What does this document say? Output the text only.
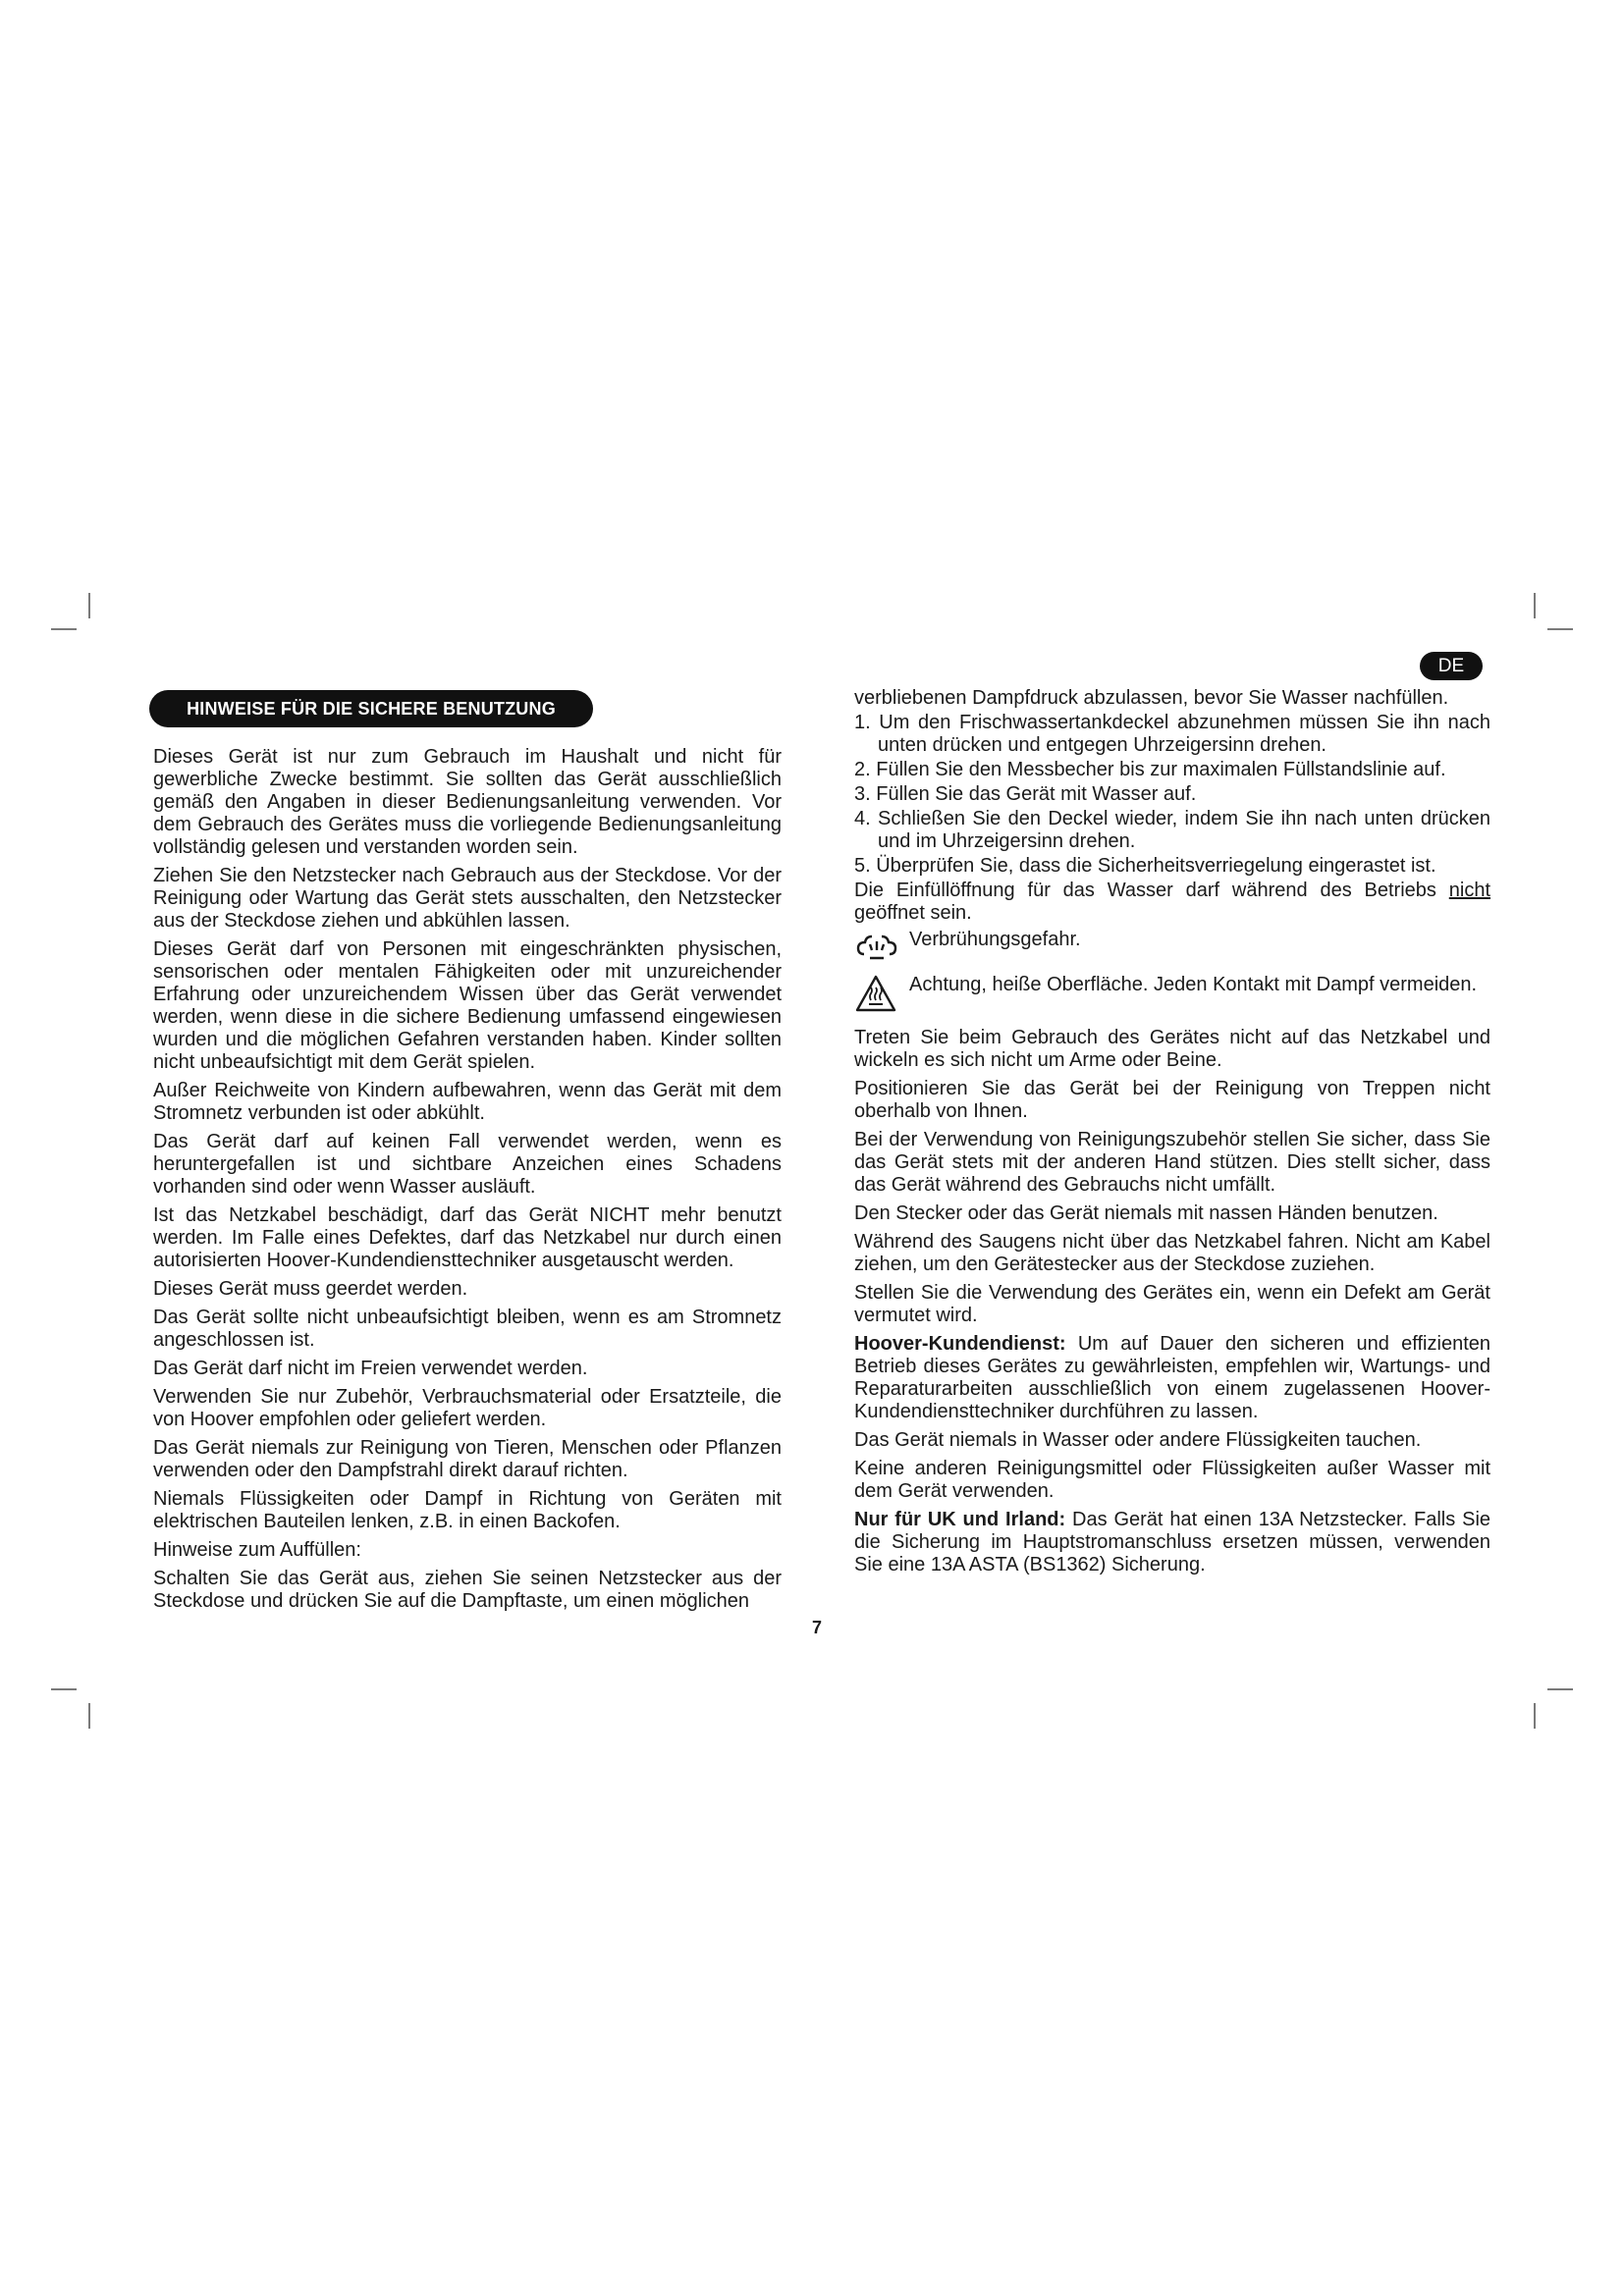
DE
HINWEISE FÜR DIE SICHERE BENUTZUNG

Dieses Gerät ist nur zum Gebrauch im Haushalt und nicht für gewerbliche Zwecke bestimmt. Sie sollten das Gerät ausschließlich gemäß den Angaben in dieser Bedienungsanleitung verwenden. Vor dem Gebrauch des Gerätes muss die vorliegende Bedienungsanleitung vollständig gelesen und verstanden worden sein.

Ziehen Sie den Netzstecker nach Gebrauch aus der Steckdose. Vor der Reinigung oder Wartung das Gerät stets ausschalten, den Netzstecker aus der Steckdose ziehen und abkühlen lassen.

Dieses Gerät darf von Personen mit eingeschränkten physischen, sensorischen oder mentalen Fähigkeiten oder mit unzureichender Erfahrung oder unzureichendem Wissen über das Gerät verwendet werden, wenn diese in die sichere Bedienung umfassend eingewiesen wurden und die möglichen Gefahren verstanden haben. Kinder sollten nicht unbeaufsichtigt mit dem Gerät spielen.

Außer Reichweite von Kindern aufbewahren, wenn das Gerät mit dem Stromnetz verbunden ist oder abkühlt.

Das Gerät darf auf keinen Fall verwendet werden, wenn es heruntergefallen ist und sichtbare Anzeichen eines Schadens vorhanden sind oder wenn Wasser ausläuft.

Ist das Netzkabel beschädigt, darf das Gerät NICHT mehr benutzt werden. Im Falle eines Defektes, darf das Netzkabel nur durch einen autorisierten Hoover-Kundendiensttechniker ausgetauscht werden.

Dieses Gerät muss geerdet werden.

Das Gerät sollte nicht unbeaufsichtigt bleiben, wenn es am Stromnetz angeschlossen ist.

Das Gerät darf nicht im Freien verwendet werden.

Verwenden Sie nur Zubehör, Verbrauchsmaterial oder Ersatzteile, die von Hoover empfohlen oder geliefert werden.

Das Gerät niemals zur Reinigung von Tieren, Menschen oder Pflanzen verwenden oder den Dampfstrahl direkt darauf richten.

Niemals Flüssigkeiten oder Dampf in Richtung von Geräten mit elektrischen Bauteilen lenken, z.B. in einen Backofen.

Hinweise zum Auffüllen:

Schalten Sie das Gerät aus, ziehen Sie seinen Netzstecker aus der Steckdose und drücken Sie auf die Dampftaste, um einen möglichen

verbliebenen Dampfdruck abzulassen, bevor Sie Wasser nachfüllen.

1. Um den Frischwassertankdeckel abzunehmen müssen Sie ihn nach unten drücken und entgegen Uhrzeigersinn drehen.

2. Füllen Sie den Messbecher bis zur maximalen Füllstandslinie auf.

3. Füllen Sie das Gerät mit Wasser auf.

4. Schließen Sie den Deckel wieder, indem Sie ihn nach unten drücken und im Uhrzeigersinn drehen.

5. Überprüfen Sie, dass die Sicherheitsverriegelung eingerastet ist.

Die Einfüllöffnung für das Wasser darf während des Betriebs nicht geöffnet sein.

Verbrühungsgefahr.
Achtung, heiße Oberfläche. Jeden Kontakt mit Dampf vermeiden.

Treten Sie beim Gebrauch des Gerätes nicht auf das Netzkabel und wickeln es sich nicht um Arme oder Beine.

Positionieren Sie das Gerät bei der Reinigung von Treppen nicht oberhalb von Ihnen.

Bei der Verwendung von Reinigungszubehör stellen Sie sicher, dass Sie das Gerät stets mit der anderen Hand stützen. Dies stellt sicher, dass das Gerät während des Gebrauchs nicht umfällt.

Den Stecker oder das Gerät niemals mit nassen Händen benutzen.

Während des Saugens nicht über das Netzkabel fahren. Nicht am Kabel ziehen, um den Gerätestecker aus der Steckdose zuziehen.

Stellen Sie die Verwendung des Gerätes ein, wenn ein Defekt am Gerät vermutet wird.

Hoover-Kundendienst: Um auf Dauer den sicheren und effizienten Betrieb dieses Gerätes zu gewährleisten, empfehlen wir, Wartungs- und Reparaturarbeiten ausschließlich von einem zugelassenen Hoover-Kundendiensttechniker durchführen zu lassen.

Das Gerät niemals in Wasser oder andere Flüssigkeiten tauchen.

Keine anderen Reinigungsmittel oder Flüssigkeiten außer Wasser mit dem Gerät verwenden.

Nur für UK und Irland: Das Gerät hat einen 13A Netzstecker. Falls Sie die Sicherung im Hauptstromanschluss ersetzen müssen, verwenden Sie eine 13A ASTA (BS1362) Sicherung.

7
